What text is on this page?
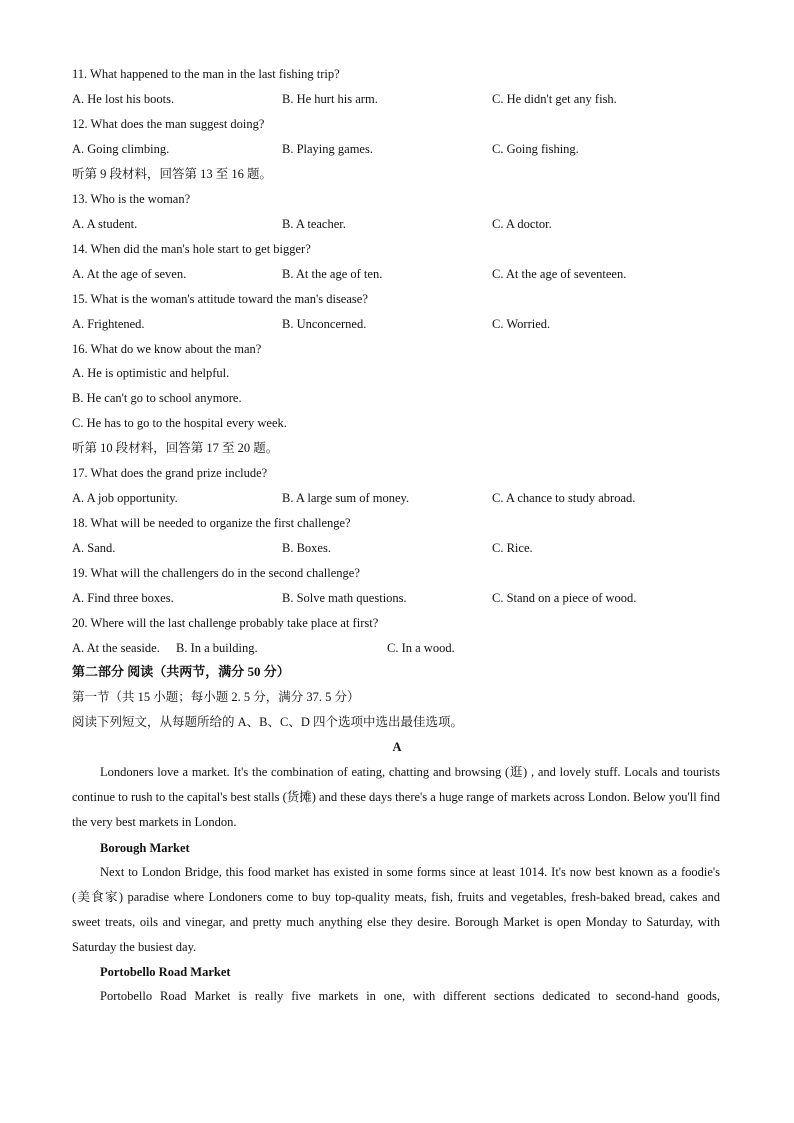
11. What happened to the man in the last fishing trip?
A. He lost his boots.	B. He hurt his arm.	C. He didn't get any fish.
12. What does the man suggest doing?
A. Going climbing.	B. Playing games.	C. Going fishing.
听第 9 段材料，回答第 13 至 16 题。
13. Who is the woman?
A. A student.	B. A teacher.	C. A doctor.
14. When did the man's hole start to get bigger?
A. At the age of seven.	B. At the age of ten.	C. At the age of seventeen.
15. What is the woman's attitude toward the man's disease?
A. Frightened.	B. Unconcerned.	C. Worried.
16. What do we know about the man?
A. He is optimistic and helpful.
B. He can't go to school anymore.
C. He has to go to the hospital every week.
听第 10 段材料，回答第 17 至 20 题。
17. What does the grand prize include?
A. A job opportunity.	B. A large sum of money.	C. A chance to study abroad.
18. What will be needed to organize the first challenge?
A. Sand.	B. Boxes.	C. Rice.
19. What will the challengers do in the second challenge?
A. Find three boxes.	B. Solve math questions.	C. Stand on a piece of wood.
20. Where will the last challenge probably take place at first?
A. At the seaside. B. In a building.	C. In a wood.
第二部分 阅读（共两节，满分 50 分）
第一节（共 15 小题；每小题 2. 5 分，满分 37. 5 分）
阅读下列短文，从每题所给的 A、B、C、D 四个选项中选出最佳选项。
A
Londoners love a market. It's the combination of eating, chatting and browsing (逛) , and lovely stuff. Locals and tourists continue to rush to the capital's best stalls (货摊) and these days there's a huge range of markets across London. Below you'll find the very best markets in London.
Borough Market
Next to London Bridge, this food market has existed in some forms since at least 1014. It's now best known as a foodie's (美食家) paradise where Londoners come to buy top-quality meats, fish, fruits and vegetables, fresh-baked bread, cakes and sweet treats, oils and vinegar, and pretty much anything else they desire. Borough Market is open Monday to Saturday, with Saturday the busiest day.
Portobello Road Market
Portobello Road Market is really five markets in one, with different sections dedicated to second-hand goods,
